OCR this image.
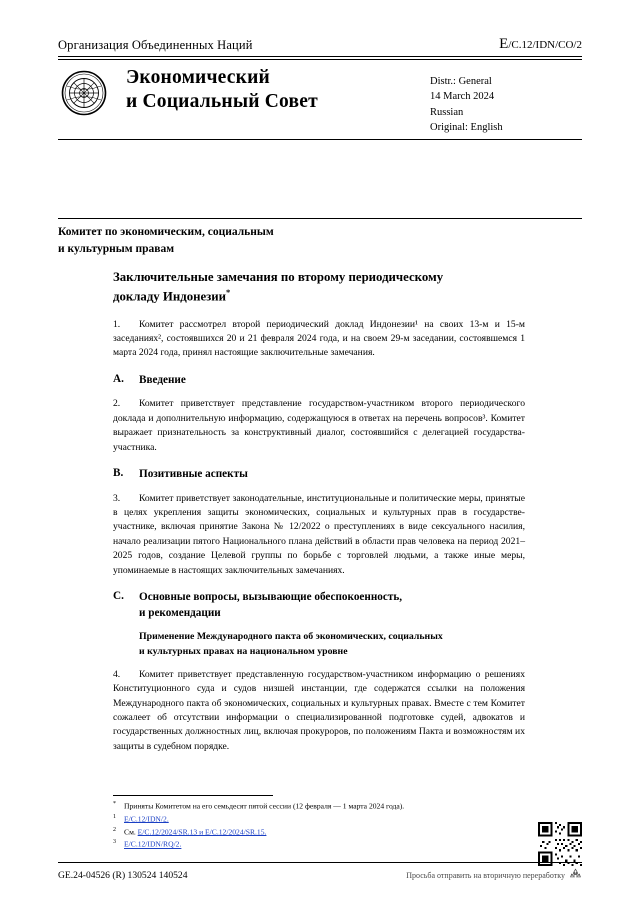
Организация Объединенных Наций	E/C.12/IDN/CO/2
Экономический
и Социальный Совет
Distr.: General
14 March 2024
Russian
Original: English
Комитет по экономическим, социальным
и культурным правам
Заключительные замечания по второму периодическому
докладу Индонезии*

1. Комитет рассмотрел второй периодический доклад Индонезии¹ на своих 13-м и 15-м заседаниях², состоявшихся 20 и 21 февраля 2024 года, и на своем 29-м заседании, состоявшемся 1 марта 2024 года, принял настоящие заключительные замечания.

A.	Введение

2. Комитет приветствует представление государством-участником второго периодического доклада и дополнительную информацию, содержащуюся в ответах на перечень вопросов³. Комитет выражает признательность за конструктивный диалог, состоявшийся с делегацией государства-участника.

B.	Позитивные аспекты

3. Комитет приветствует законодательные, институциональные и политические меры, принятые в целях укрепления защиты экономических, социальных и культурных прав в государстве-участнике, включая принятие Закона № 12/2022 о преступлениях в виде сексуального насилия, начало реализации пятого Национального плана действий в области прав человека на период 2021–2025 годов, создание Целевой группы по борьбе с торговлей людьми, а также иные меры, упоминаемые в настоящих заключительных замечаниях.

C.	Основные вопросы, вызывающие обеспокоенность,
и рекомендации
Применение Международного пакта об экономических, социальных
и культурных правах на национальном уровне

4. Комитет приветствует представленную государством-участником информацию о решениях Конституционного суда и судов низшей инстанции, где содержатся ссылки на положения Международного пакта об экономических, социальных и культурных правах. Вместе с тем Комитет сожалеет об отсутствии информации о специализированной подготовке судей, адвокатов и государственных должностных лиц, включая прокуроров, по положениям Пакта и возможностям их защиты в судебном порядке.

* Приняты Комитетом на его семьдесят пятой сессии (12 февраля — 1 марта 2024 года).
1 E/C.12/IDN/2.
2 См. E/C.12/2024/SR.13 и E/C.12/2024/SR.15.
3 E/C.12/IDN/RQ/2.
GE.24-04526 (R) 130524 140524	Просьба отправить на вторичную переработку
